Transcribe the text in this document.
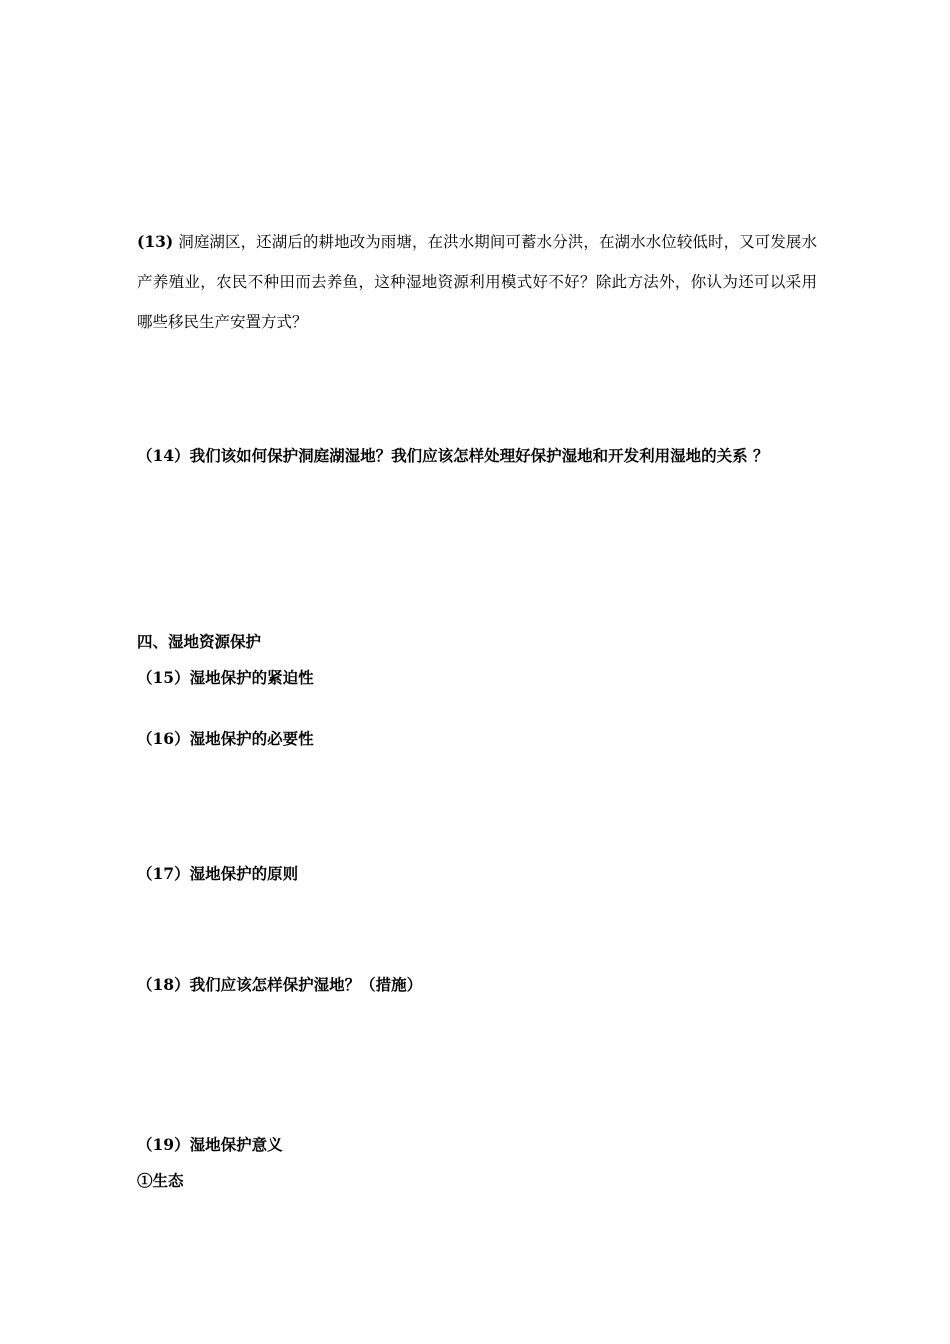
(13) 洞庭湖区，还湖后的耕地改为雨塘，在洪水期间可蓄水分洪，在湖水水位较低时，又可发展水产养殖业，农民不种田而去养鱼，这种湿地资源利用模式好不好？除此方法外，你认为还可以采用哪些移民生产安置方式？
（14）我们该如何保护洞庭湖湿地？我们应该怎样处理好保护湿地和开发利用湿地的关系 ？
四、湿地资源保护
（15）湿地保护的紧迫性
（16）湿地保护的必要性
（17）湿地保护的原则
（18）我们应该怎样保护湿地？（措施）
（19）湿地保护意义
①生态
